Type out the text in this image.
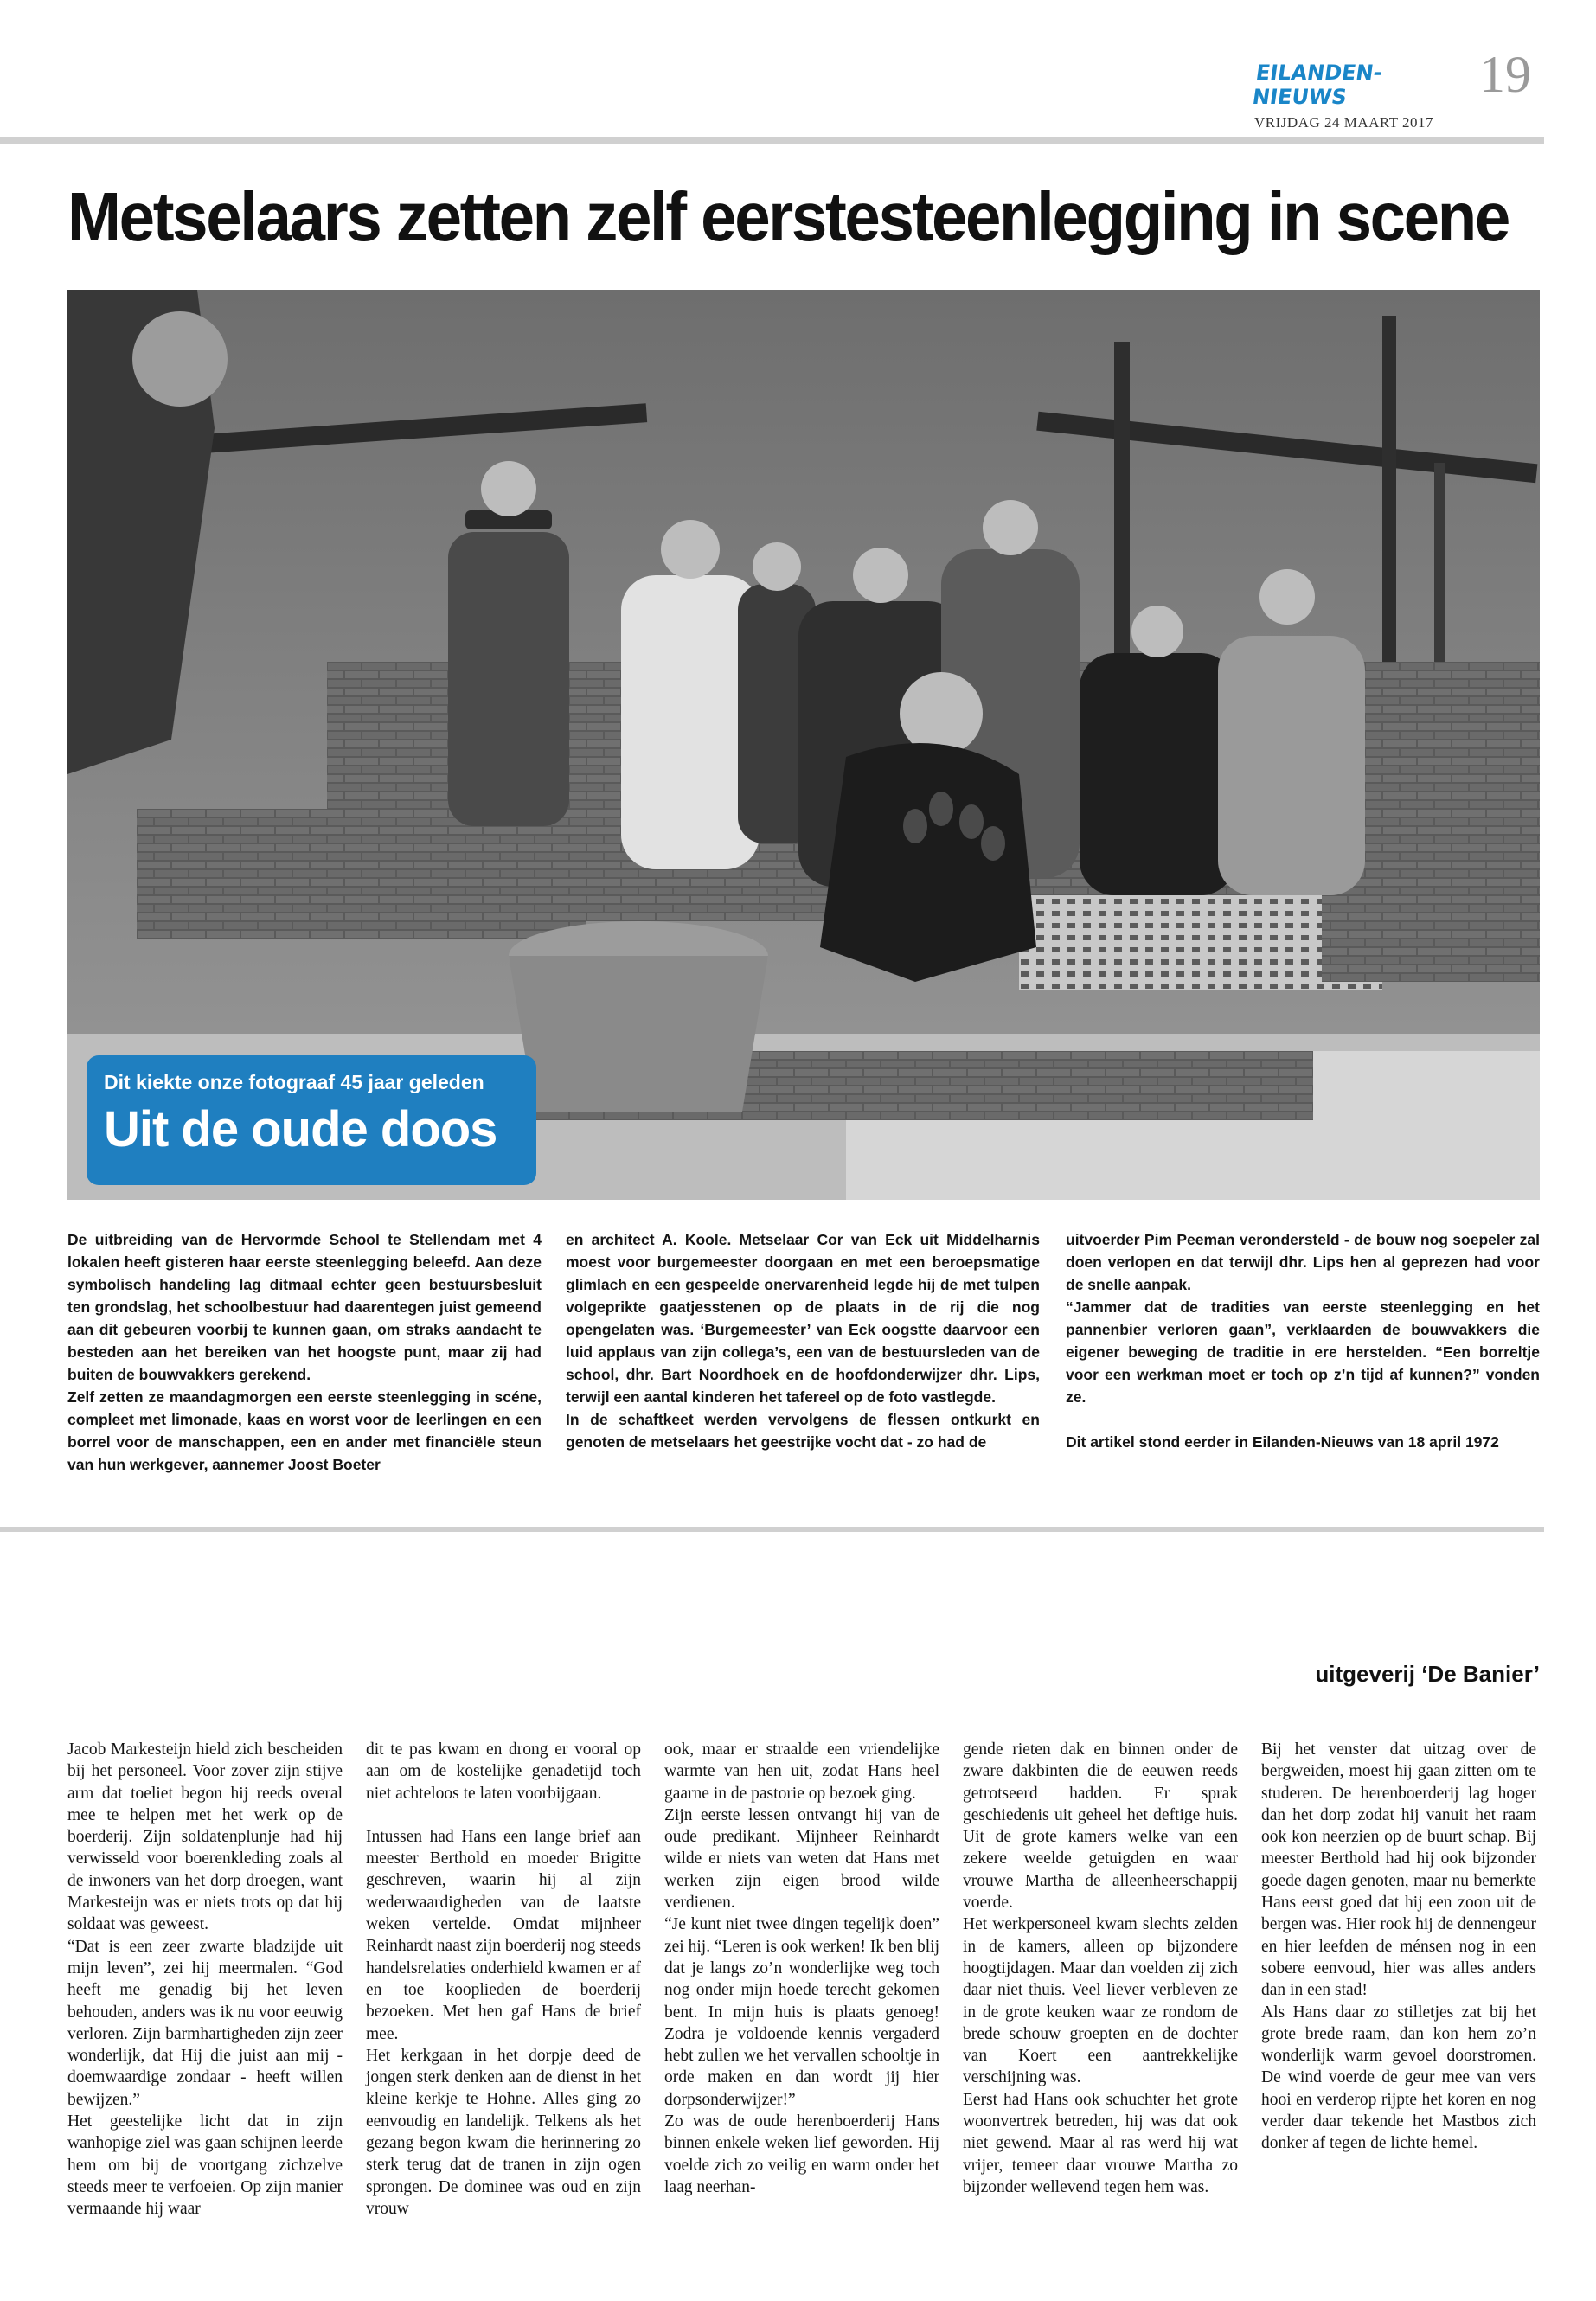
EILANDEN-NIEUWS
VRIJDAG 24 MAART 2017
19
Metselaars zetten zelf eerstesteenlegging in scene
Dit kiekte onze fotograaf 45 jaar geleden
Uit de oude doos

De uitbreiding van de Hervormde School te Stellendam met 4 lokalen heeft gisteren haar eerste steenlegging beleefd. Aan deze symbolisch handeling lag ditmaal echter geen bestuursbesluit ten grondslag, het schoolbestuur had daarentegen juist gemeend aan dit gebeuren voorbij te kunnen gaan, om straks aandacht te besteden aan het bereiken van het hoogste punt, maar zij had buiten de bouwvakkers gerekend.

Zelf zetten ze maandagmorgen een eerste steenlegging in scéne, compleet met limonade, kaas en worst voor de leerlingen en een borrel voor de manschappen, een en ander met financiële steun van hun werkgever, aannemer Joost Boeter

en architect A. Koole. Metselaar Cor van Eck uit Middelharnis moest voor burgemeester doorgaan en met een beroepsmatige glimlach en een gespeelde onervarenheid legde hij de met tulpen volgeprikte gaatjesstenen op de plaats in de rij die nog opengelaten was. ‘Burgemeester’ van Eck oogstte daarvoor een luid applaus van zijn collega’s, een van de bestuursleden van de school, dhr. Bart Noordhoek en de hoofdonderwijzer dhr. Lips, terwijl een aantal kinderen het tafereel op de foto vastlegde.

In de schaftkeet werden vervolgens de flessen ontkurkt en genoten de metselaars het geestrijke vocht dat - zo had de

uitvoerder Pim Peeman verondersteld - de bouw nog soepeler zal doen verlopen en dat terwijl dhr. Lips hen al geprezen had voor de snelle aanpak.

“Jammer dat de tradities van eerste steenlegging en het pannenbier verloren gaan”, verklaarden de bouwvakkers die eigener beweging de traditie in ere herstelden. “Een borreltje voor een werkman moet er toch op z’n tijd af kunnen?” vonden ze.

Dit artikel stond eerder in Eilanden-Nieuws van 18 april 1972

uitgeverij ‘De Banier’

Jacob Markesteijn hield zich bescheiden bij het personeel. Voor zover zijn stijve arm dat toeliet begon hij reeds overal mee te helpen met het werk op de boerderij. Zijn soldatenplunje had hij verwisseld voor boerenkleding zoals al de inwoners van het dorp droegen, want Markesteijn was er niets trots op dat hij soldaat was geweest.

“Dat is een zeer zwarte bladzijde uit mijn leven”, zei hij meermalen. “God heeft me genadig bij het leven behouden, anders was ik nu voor eeuwig verloren. Zijn barmhartigheden zijn zeer wonderlijk, dat Hij die juist aan mij - doemwaardige zondaar - heeft willen bewijzen.”

Het geestelijke licht dat in zijn wanhopige ziel was gaan schijnen leerde hem om bij de voortgang zichzelve steeds meer te verfoeien. Op zijn manier vermaande hij waar

dit te pas kwam en drong er vooral op aan om de kostelijke genadetijd toch niet achteloos te laten voorbijgaan.

Intussen had Hans een lange brief aan meester Berthold en moeder Brigitte geschreven, waarin hij al zijn wederwaardigheden van de laatste weken vertelde. Omdat mijnheer Reinhardt naast zijn boerderij nog steeds handelsrelaties onderhield kwamen er af en toe kooplieden de boerderij bezoeken. Met hen gaf Hans de brief mee.

Het kerkgaan in het dorpje deed de jongen sterk denken aan de dienst in het kleine kerkje te Hohne. Alles ging zo eenvoudig en landelijk. Telkens als het gezang begon kwam die herinnering zo sterk terug dat de tranen in zijn ogen sprongen. De dominee was oud en zijn vrouw

ook, maar er straalde een vriendelijke warmte van hen uit, zodat Hans heel gaarne in de pastorie op bezoek ging.

Zijn eerste lessen ontvangt hij van de oude predikant. Mijnheer Reinhardt wilde er niets van weten dat Hans met werken zijn eigen brood wilde verdienen.

“Je kunt niet twee dingen tegelijk doen” zei hij. “Leren is ook werken! Ik ben blij dat je langs zo’n wonderlijke weg toch nog onder mijn hoede terecht gekomen bent. In mijn huis is plaats genoeg! Zodra je voldoende kennis vergaderd hebt zullen we het vervallen schooltje in orde maken en dan wordt jij hier dorpsonderwijzer!”

Zo was de oude herenboerderij Hans binnen enkele weken lief geworden. Hij voelde zich zo veilig en warm onder het laag neerhan-

gende rieten dak en binnen onder de zware dakbinten die de eeuwen reeds getrotseerd hadden. Er sprak geschiedenis uit geheel het deftige huis. Uit de grote kamers welke van een zekere weelde getuigden en waar vrouwe Martha de alleenheerschappij voerde.

Het werkpersoneel kwam slechts zelden in de kamers, alleen op bijzondere hoogtijdagen. Maar dan voelden zij zich daar niet thuis. Veel liever verbleven ze in de grote keuken waar ze rondom de brede schouw groepten en de dochter van Koert een aantrekkelijke verschijning was.

Eerst had Hans ook schuchter het grote woonvertrek betreden, hij was dat ook niet gewend. Maar al ras werd hij wat vrijer, temeer daar vrouwe Martha zo bijzonder wellevend tegen hem was.

Bij het venster dat uitzag over de bergweiden, moest hij gaan zitten om te studeren. De herenboerderij lag hoger dan het dorp zodat hij vanuit het raam ook kon neerzien op de buurt schap. Bij meester Berthold had hij ook bijzonder goede dagen genoten, maar nu bemerkte Hans eerst goed dat hij een zoon uit de bergen was. Hier rook hij de dennengeur en hier leefden de ménsen nog in een sobere eenvoud, hier was alles anders dan in een stad!

Als Hans daar zo stilletjes zat bij het grote brede raam, dan kon hem zo’n wonderlijk warm gevoel doorstromen. De wind voerde de geur mee van vers hooi en verderop rijpte het koren en nog verder daar tekende het Mastbos zich donker af tegen de lichte hemel.
